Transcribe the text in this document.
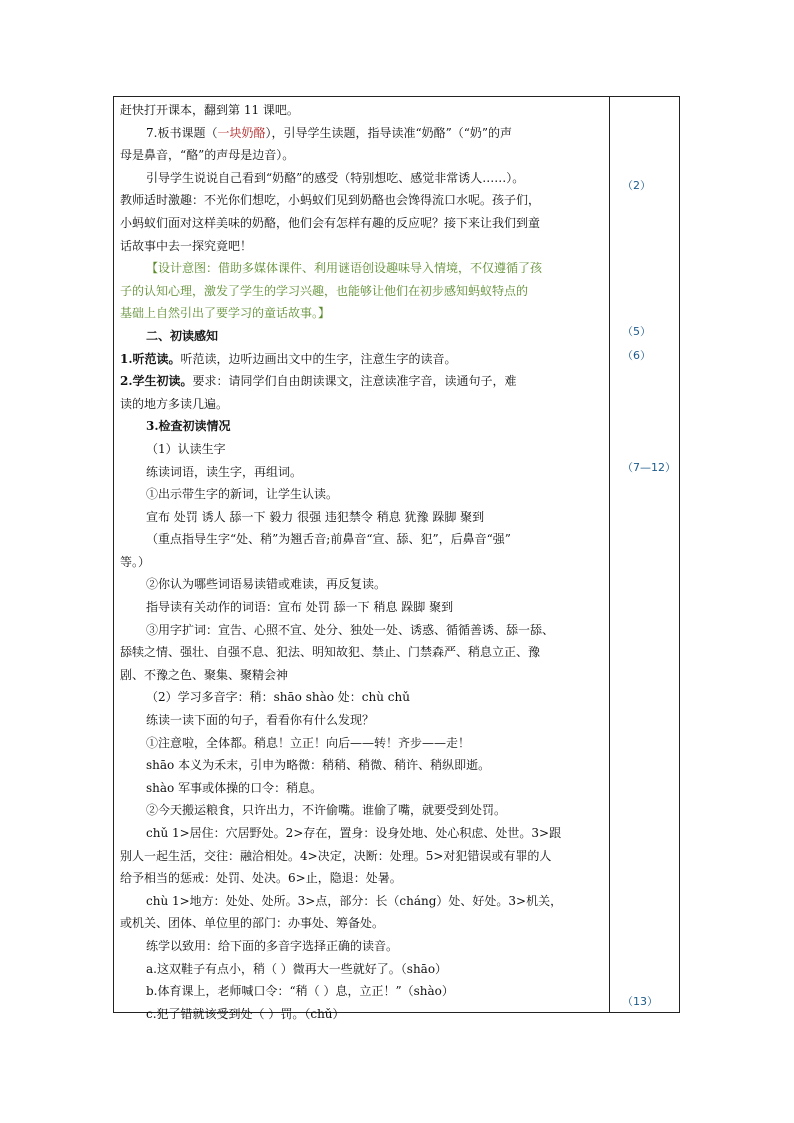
赶快打开课本，翻到第 11 课吧。

7.板书课题（一块奶酪），引导学生读题，指导读准“奶酪”（“奶”的声

母是鼻音，“酪”的声母是边音）。

引导学生说说自己看到“奶酪”的感受（特别想吃、感觉非常诱人……）。

教师适时激趣：不光你们想吃，小蚂蚁们见到奶酪也会馋得流口水呢。孩子们，

小蚂蚁们面对这样美味的奶酪，他们会有怎样有趣的反应呢？接下来让我们到童

话故事中去一探究竟吧！

【设计意图：借助多媒体课件、利用谜语创设趣味导入情境，不仅遵循了孩

子的认知心理，激发了学生的学习兴趣，也能够让他们在初步感知蚂蚁特点的

基础上自然引出了要学习的童话故事。】

二、初读感知

1.听范读。听范读，边听边画出文中的生字，注意生字的读音。

2.学生初读。要求：请同学们自由朗读课文，注意读准字音，读通句子，难

读的地方多读几遍。

3.检查初读情况

（1）认读生字

练读词语，读生字，再组词。

①出示带生字的新词，让学生认读。

宣布 处罚 诱人 舔一下 毅力 很强 违犯禁令 稍息 犹豫 跺脚 聚到

（重点指导生字“处、稍”为翘舌音;前鼻音“宣、舔、犯”，后鼻音“强”

等。）

②你认为哪些词语易读错或难读，再反复读。

指导读有关动作的词语：宣布 处罚 舔一下 稍息 跺脚 聚到

③用字扩词：宣告、心照不宣、处分、独处一处、诱惑、循循善诱、舔一舔、

舔犊之情、强壮、自强不息、犯法、明知故犯、禁止、门禁森严、稍息立正、豫

剧、不豫之色、聚集、聚精会神

（2）学习多音字：稍：shāo shào 处：chù chǔ

练读一读下面的句子，看看你有什么发现？

①注意啦，全体都。稍息！立正！向后——转！齐步——走！

shāo 本义为禾末，引申为略微：稍稍、稍微、稍许、稍纵即逝。

shào 军事或体操的口令：稍息。

②今天搬运粮食，只许出力，不许偷嘴。谁偷了嘴，就要受到处罚。

chǔ 1>居住：穴居野处。2>存在，置身：设身处地、处心积虑、处世。3>跟

别人一起生活，交往：融洽相处。4>决定，决断：处理。5>对犯错误或有罪的人

给予相当的惩戒：处罚、处决。6>止，隐退：处暑。

chù 1>地方：处处、处所。3>点，部分：长（cháng）处、好处。3>机关，

或机关、团体、单位里的部门：办事处、筹备处。

练学以致用：给下面的多音字选择正确的读音。

a.这双鞋子有点小，稍（ ）微再大一些就好了。（shāo）

b.体育课上，老师喊口令：“稍（ ）息，立正！”（shào）

c.犯了错就该受到处（ ）罚。（chǔ）

（2）
（5）
（6）
（7—12）
（13）
